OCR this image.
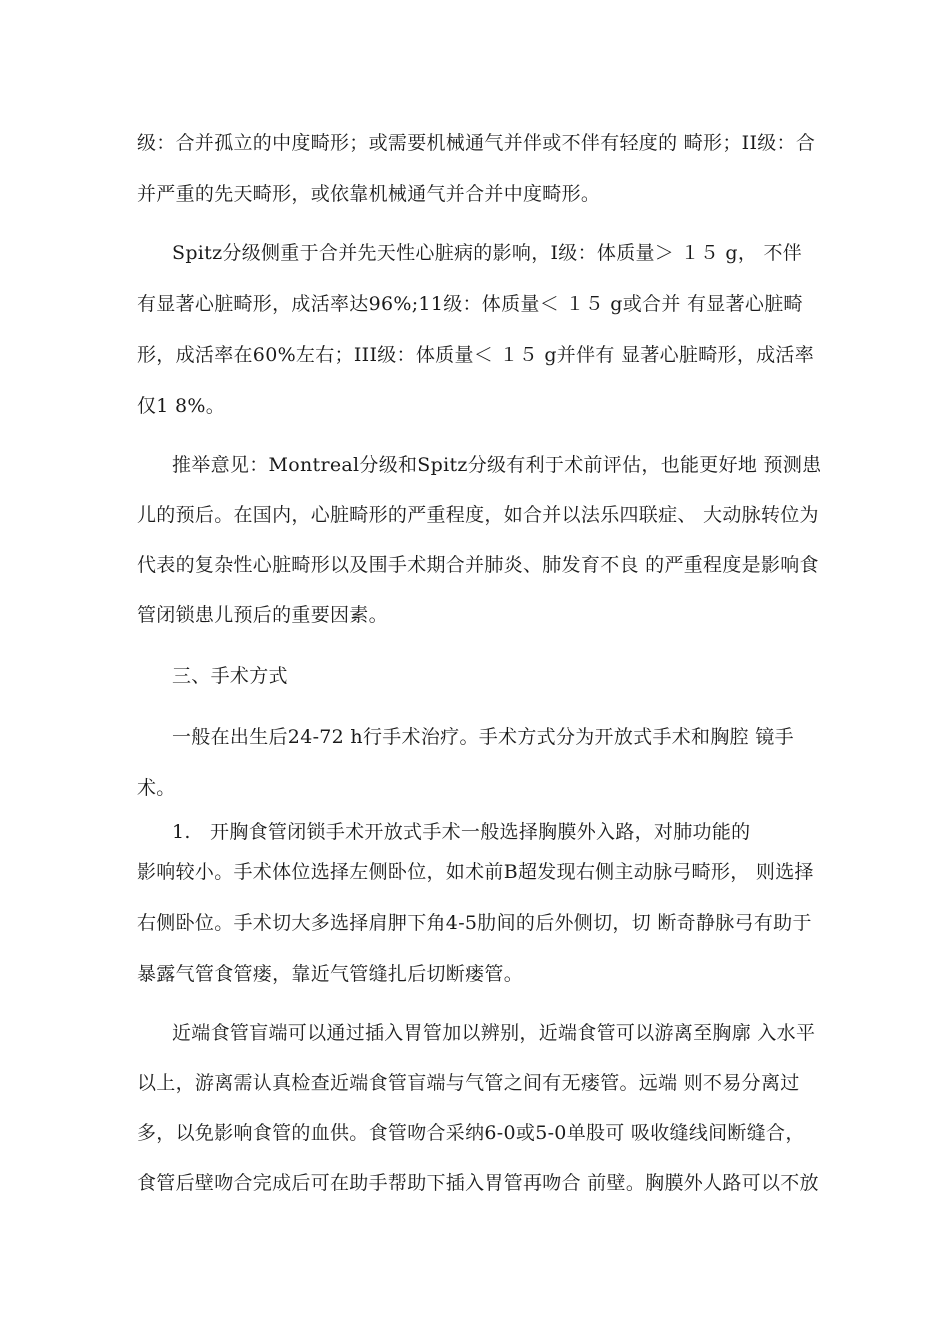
级：合并孤立的中度畸形；或需要机械通气并伴或不伴有轻度的 畸形；II级：合
并严重的先天畸形，或依靠机械通气并合并中度畸形。
Spitz分级侧重于合并先天性心脏病的影响，I级：体质量＞ １５ g， 不伴
有显著心脏畸形，成活率达96%;11级：体质量＜ １５ g或合并 有显著心脏畸
形，成活率在60%左右；III级：体质量＜ １５ g并伴有 显著心脏畸形，成活率
仅1 8%。
推举意见：Montreal分级和Spitz分级有利于术前评估，也能更好地 预测患
儿的预后。在国内，心脏畸形的严重程度，如合并以法乐四联症、 大动脉转位为
代表的复杂性心脏畸形以及围手术期合并肺炎、肺发育不良 的严重程度是影响食
管闭锁患儿预后的重要因素。
三、手术方式
一般在出生后24-72 h行手术治疗。手术方式分为开放式手术和胸腔 镜手
术。
1.　开胸食管闭锁手术开放式手术一般选择胸膜外入路，对肺功能的
影响较小。手术体位选择左侧卧位，如术前B超发现右侧主动脉弓畸形， 则选择
右侧卧位。手术切大多选择肩胛下角4-5肋间的后外侧切，切 断奇静脉弓有助于
暴露气管食管瘘，靠近气管缝扎后切断瘘管。
近端食管盲端可以通过插入胃管加以辨别，近端食管可以游离至胸廓 入水平
以上，游离需认真检查近端食管盲端与气管之间有无瘘管。远端 则不易分离过
多，以免影响食管的血供。食管吻合采纳6-0或5-0单股可 吸收缝线间断缝合，
食管后壁吻合完成后可在助手帮助下插入胃管再吻合 前壁。胸膜外人路可以不放
